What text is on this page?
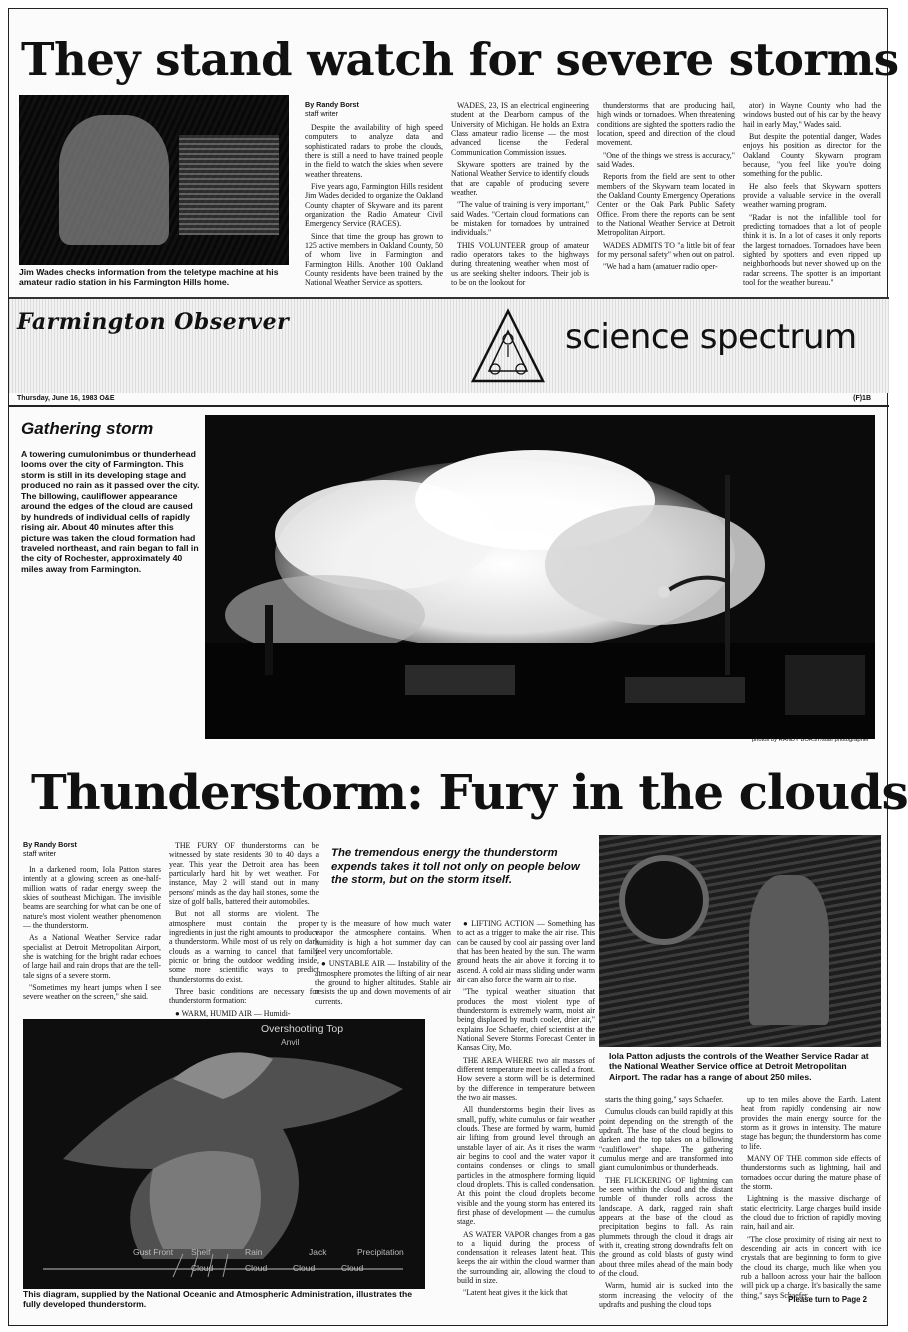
They stand watch for severe storms
Jim Wades checks information from the teletype machine at his amateur radio station in his Farmington Hills home.
By Randy Borst
staff writer

Despite the availability of high speed computers to analyze data and sophisticated radars to probe the clouds, there is still a need to have trained people in the field to watch the skies when severe weather threatens.

Five years ago, Farmington Hills resident Jim Wades decided to organize the Oakland County chapter of Skyware and its parent organization the Radio Amateur Civil Emergency Service (RACES).

Since that time the group has grown to 125 active members in Oakland County, 50 of whom live in Farmington and Farmington Hills. Another 100 Oakland County residents have been trained by the National Weather Service as spotters.

WADES, 23, IS an electrical engineering student at the Dearborn campus of the University of Michigan. He holds an Extra Class amateur radio license — the most advanced license the Federal Communication Commission issues.

Skyware spotters are trained by the National Weather Service to identify clouds that are capable of producing severe weather.

"The value of training is very important," said Wades. "Certain cloud formations can be mistaken for tornadoes by untrained individuals."

THIS VOLUNTEER group of amateur radio operators takes to the highways during threatening weather when most of us are seeking shelter indoors. Their job is to be on the lookout for

thunderstorms that are producing hail, high winds or tornadoes. When threatening conditions are sighted the spotters radio the location, speed and direction of the cloud movement.

"One of the things we stress is accuracy," said Wades.

Reports from the field are sent to other members of the Skywarn team located in the Oakland County Emergency Operations Center or the Oak Park Public Safety Office. From there the reports can be sent to the National Weather Service at Detroit Metropolitan Airport.

WADES ADMITS TO "a little bit of fear for my personal safety" when out on patrol.

"We had a ham (amatuer radio oper-

ator) in Wayne County who had the windows busted out of his car by the heavy hail in early May," Wades said.

But despite the potential danger, Wades enjoys his position as director for the Oakland County Skywarn program because, "you feel like you're doing something for the public.

He also feels that Skywarn spotters provide a valuable service in the overall weather warning program.

"Radar is not the infallible tool for predicting tornadoes that a lot of people think it is. In a lot of cases it only reports the largest tornadoes. Tornadoes have been sighted by spotters and even ripped up neighborhoods but never showed up on the radar screens. The spotter is an important tool for the weather bureau."

Farmington Observer	science spectrum
Thursday, June 16, 1983 O&E	(F)1B
Gathering storm
A towering cumulonimbus or thunderhead looms over the city of Farmington. This storm is still in its developing stage and produced no rain as it passed over the city. The billowing, cauliflower appearance around the edges of the cloud are caused by hundreds of individual cells of rapidly rising air. About 40 minutes after this picture was taken the cloud formation had traveled northeast, and rain began to fall in the city of Rochester, approximately 40 miles away from Farmington.
photos by RANDY BORST/staff photographer
Thunderstorm: Fury in the clouds
By Randy Borst
staff writer

In a darkened room, Iola Patton stares intently at a glowing screen as one-half-million watts of radar energy sweep the skies of southeast Michigan. The invisible beams are searching for what can be one of nature's most violent weather phenomenon — the thunderstorm.

As a National Weather Service radar specialist at Detroit Metropolitan Airport, she is watching for the bright radar echoes of large hail and rain drops that are the tell-tale signs of a severe storm.

"Sometimes my heart jumps when I see severe weather on the screen," she said.

THE FURY OF thunderstorms can be witnessed by state residents 30 to 40 days a year. This year the Detroit area has been particularly hard hit by wet weather. For instance, May 2 will stand out in many persons' minds as the day hail stones, some the size of golf balls, battered their automobiles.

But not all storms are violent. The atmosphere must contain the proper ingredients in just the right amounts to produce a thunderstorm. While most of us rely on dark clouds as a warning to cancel that family picnic or bring the outdoor wedding inside, some more scientific ways to predict thunderstorms do exist.

Three basic conditions are necessary for thunderstorm formation:

● WARM, HUMID AIR — Humidi-

The tremendous energy the thunderstorm expends takes it toll not only on people below the storm, but on the storm itself.

ty is the measure of how much water vapor the atmosphere contains. When humidity is high a hot summer day can feel very uncomfortable.

● UNSTABLE AIR — Instability of the atmosphere promotes the lifting of air near the ground to higher altitudes. Stable air resists the up and down movements of air currents.

● LIFTING ACTION — Something has to act as a trigger to make the air rise. This can be caused by cool air passing over land that has been heated by the sun. The warm ground heats the air above it forcing it to ascend. A cold air mass sliding under warm air can also force the warm air to rise.

"The typical weather situation that produces the most violent type of thunderstorm is extremely warm, moist air being displaced by much cooler, drier air," explains Joe Schaefer, chief scientist at the National Severe Storms Forecast Center in Kansas City, Mo.

THE AREA WHERE two air masses of different temperature meet is called a front. How severe a storm will be is determined by the difference in temperature between the two air masses.

All thunderstorms begin their lives as small, puffy, white cumulus or fair weather clouds. These are formed by warm, humid air lifting from ground level through an unstable layer of air. As it rises the warm air begins to cool and the water vapor it contains condenses or clings to small particles in the atmosphere forming liquid cloud droplets. This is called condensation. At this point the cloud droplets become visible and the young storm has entered its first phase of development — the cumulus stage.

AS WATER VAPOR changes from a gas to a liquid during the process of condensation it releases latent heat. This keeps the air within the cloud warmer than the surrounding air, allowing the cloud to build in size.

"Latent heat gives it the kick that

Iola Patton adjusts the controls of the Weather Service Radar at the National Weather Service office at Detroit Metropolitan Airport. The radar has a range of about 250 miles.

starts the thing going," says Schaefer.

Cumulus clouds can build rapidly at this point depending on the strength of the updraft. The base of the cloud begins to darken and the top takes on a billowing "cauliflower" shape. The gathering cumulus merge and are transformed into giant cumulonimbus or thunderheads.

THE FLICKERING OF lightning can be seen within the cloud and the distant rumble of thunder rolls across the landscape. A dark, ragged rain shaft appears at the base of the cloud as precipitation begins to fall. As rain plummets through the cloud it drags air with it, creating strong downdrafts felt on the ground as cold blasts of gusty wind about three miles ahead of the main body of the cloud.

Warm, humid air is sucked into the storm increasing the velocity of the updrafts and pushing the cloud tops

up to ten miles above the Earth. Latent heat from rapidly condensing air now provides the main energy source for the storm as it grows in intensity. The mature stage has begun; the thunderstorm has come to life.

MANY OF THE common side effects of thunderstorms such as lightning, hail and tornadoes occur during the mature phase of the storm.

Lightning is the massive discharge of static electricity. Large charges build inside the cloud due to friction of rapidly moving rain, hail and air.

"The close proximity of rising air next to descending air acts in concert with ice crystals that are beginning to form to give the cloud its charge, much like when you rub a balloon across your hair the balloon will pick up a charge. It's basically the same thing," says Schaefer.

Overshooting Top
Anvil
Gust Front Shelf	Rain	Jack	Precipitation
Cloud	Cloud	Cloud	Cloud
This diagram, supplied by the National Oceanic and Atmospheric Administration, illustrates the fully developed thunderstorm.	Please turn to Page 2
